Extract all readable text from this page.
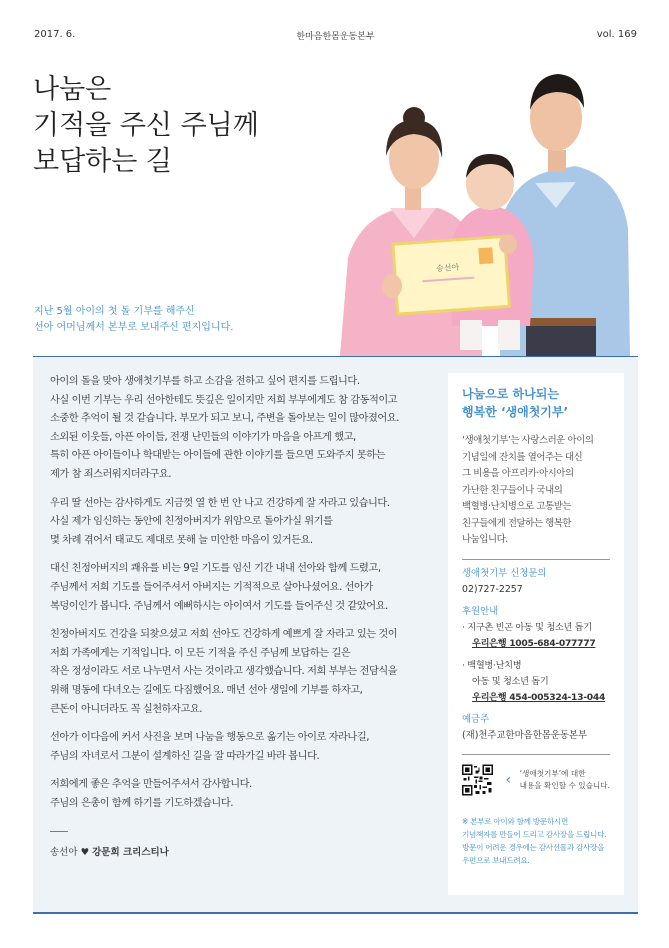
2017. 6.	한마음한몸운동본부	vol. 169
나눔은
기적을 주신 주님께
보답하는 길
지난 5월 아이의 첫 돌 기부를 해주신
선아 어머님께서 본부로 보내주신 편지입니다.
송선아

아이의 돌을 맞아 생애첫기부를 하고 소감을 전하고 싶어 편지를 드립니다.
사실 이번 기부는 우리 선아한테도 뜻깊은 일이지만 저희 부부에게도 참 감동적이고
소중한 추억이 될 것 같습니다. 부모가 되고 보니, 주변을 돌아보는 일이 많아졌어요.
소외된 이웃들, 아픈 아이들, 전쟁 난민들의 이야기가 마음을 아프게 했고,
특히 아픈 아이들이나 학대받는 아이들에 관한 이야기를 들으면 도와주지 못하는
제가 참 죄스러워지더라구요.

우리 딸 선아는 감사하게도 지금껏 열 한 번 안 나고 건강하게 잘 자라고 있습니다.
사실 제가 임신하는 동안에 친정아버지가 위암으로 돌아가실 위기를
몇 차례 겪어서 태교도 제대로 못해 늘 미안한 마음이 있거든요.

대신 친정아버지의 쾌유를 비는 9일 기도를 임신 기간 내내 선아와 함께 드렸고,
주님께서 저희 기도를 들어주셔서 아버지는 기적적으로 살아나셨어요. 선아가
복덩이인가 봅니다. 주님께서 예뻐하시는 아이여서 기도를 들어주신 것 같았어요.

친정아버지도 건강을 되찾으셨고 저희 선아도 건강하게 예쁘게 잘 자라고 있는 것이
저희 가족에게는 기적입니다. 이 모든 기적을 주신 주님께 보답하는 길은
작은 정성이라도 서로 나누면서 사는 것이라고 생각했습니다. 저희 부부는 전담식을
위해 명동에 다녀오는 길에도 다짐했어요. 매년 선아 생일에 기부를 하자고,
큰돈이 아니더라도 꼭 실천하자고요.

선아가 이다음에 커서 사진을 보며 나눔을 행동으로 옮기는 아이로 자라나길,
주님의 자녀로서 그분이 설계하신 길을 잘 따라가길 바라 봅니다.

저희에게 좋은 추억을 만들어주셔서 감사합니다.
주님의 은총이 함께 하기를 기도하겠습니다.

송선아 ♥ 강문희 크리스티나
나눔으로 하나되는
행복한 ‘생애첫기부’
‘생애첫기부’는 사랑스러운 아이의
기념일에 잔치를 열어주는 대신
그 비용을 아프리카·아시아의
가난한 친구들이나 국내의
백혈병·난치병으로 고통받는
친구들에게 전달하는 행복한
나눔입니다.
생애첫기부 신청문의
02)727-2257
후원안내
· 지구촌 빈곤 아동 및 청소년 돕기
우리은행 1005-684-077777
· 백혈병·난치병
아동 및 청소년 돕기
우리은행 454-005324-13-044
예금주
(재)천주교한마음한몸운동본부
‹	‘생애첫기부’에 대한
내용을 확인할 수 있습니다.
※ 본부로 아이와 함께 방문하시면
기념책자를 만들어 드리고 감사장을 드립니다.
방문이 어려운 경우에는 감사선물과 감사장을
우편으로 보내드려요.
